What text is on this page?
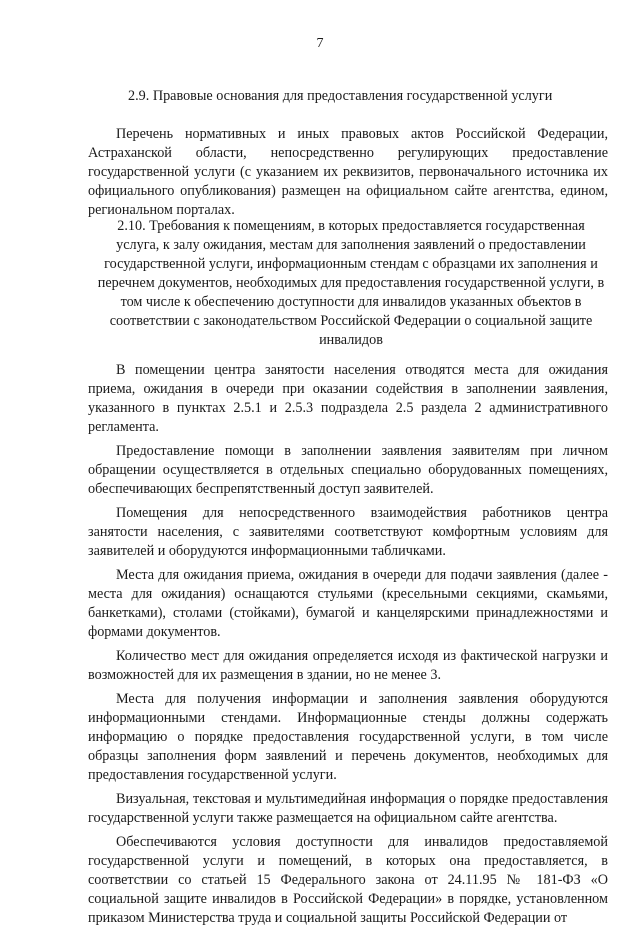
7
2.9. Правовые основания для предоставления государственной услуги

Перечень нормативных и иных правовых актов Российской Федерации, Астраханской области, непосредственно регулирующих предоставление государственной услуги (с указанием их реквизитов, первоначального источника их официального опубликования) размещен на официальном сайте агентства, едином, региональном порталах.

2.10. Требования к помещениям, в которых предоставляется государственная услуга, к залу ожидания, местам для заполнения заявлений о предоставлении государственной услуги, информационным стендам с образцами их заполнения и перечнем документов, необходимых для предоставления государственной услуги, в том числе к обеспечению доступности для инвалидов указанных объектов в соответствии с законодательством Российской Федерации о социальной защите инвалидов

В помещении центра занятости населения отводятся места для ожидания приема, ожидания в очереди при оказании содействия в заполнении заявления, указанного в пунктах 2.5.1 и 2.5.3 подраздела 2.5 раздела 2 административного регламента.

Предоставление помощи в заполнении заявления заявителям при личном обращении осуществляется в отдельных специально оборудованных помещениях, обеспечивающих беспрепятственный доступ заявителей.

Помещения для непосредственного взаимодействия работников центра занятости населения, с заявителями соответствуют комфортным условиям для заявителей и оборудуются информационными табличками.

Места для ожидания приема, ожидания в очереди для подачи заявления (далее - места для ожидания) оснащаются стульями (кресельными секциями, скамьями, банкетками), столами (стойками), бумагой и канцелярскими принадлежностями и формами документов.

Количество мест для ожидания определяется исходя из фактической нагрузки и возможностей для их размещения в здании, но не менее 3.

Места для получения информации и заполнения заявления оборудуются информационными стендами. Информационные стенды должны содержать информацию о порядке предоставления государственной услуги, в том числе образцы заполнения форм заявлений и перечень документов, необходимых для предоставления государственной услуги.

Визуальная, текстовая и мультимедийная информация о порядке предоставления государственной услуги также размещается на официальном сайте агентства.

Обеспечиваются условия доступности для инвалидов предоставляемой государственной услуги и помещений, в которых она предоставляется, в соответствии со статьей 15 Федерального закона от 24.11.95 № 181-ФЗ «О социальной защите инвалидов в Российской Федерации» в порядке, установленном приказом Министерства труда и социальной защиты Российской Федерации от
